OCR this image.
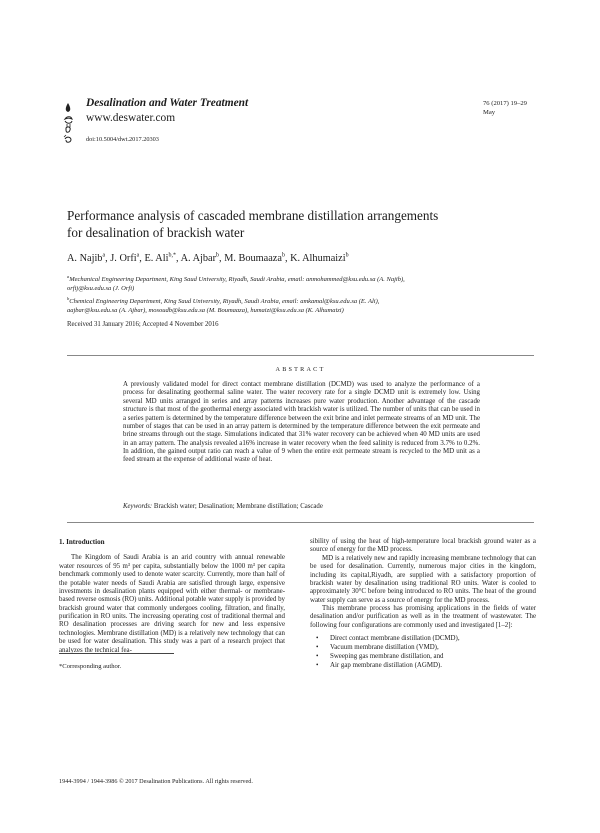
Desalination and Water Treatment
www.deswater.com
doi:10.5004/dwt.2017.20303
76 (2017) 19–29
May
Performance analysis of cascaded membrane distillation arrangements
for desalination of brackish water
A. Najib$^a$, J. Orfi$^a$, E. Ali$^{b,*}$, A. Ajbar$^b$, M. Boumaaza$^b$, K. Alhumaizi$^b$
$^a$Mechanical Engineering Department, King Saud University, Riyadh, Saudi Arabia, email: anmohammed@ksu.edu.sa (A. Najib),
orfij@ksu.edu.sa (J. Orfi)
$^b$Chemical Engineering Department, King Saud University, Riyadh, Saudi Arabia, email: amkamal@ksu.edu.sa (E. Ali),
aajbar@ksu.edu.sa (A. Ajbar), mosoudb@ksu.edu.sa (M. Boumaaza), humaizi@ksu.edu.sa (K. Alhumaizi)
Received 31 January 2016; Accepted 4 November 2016
ABSTRACT
A previously validated model for direct contact membrane distillation (DCMD) was used to analyze the performance of a process for desalinating geothermal saline water. The water recovery rate for a single DCMD unit is extremely low. Using several MD units arranged in series and array patterns increases pure water production. Another advantage of the cascade structure is that most of the geothermal energy associated with brackish water is utilized. The number of units that can be used in a series pattern is determined by the temperature difference between the exit brine and inlet permeate streams of an MD unit. The number of stages that can be used in an array pattern is determined by the temperature difference between the exit permeate and brine streams through out the stage. Simulations indicated that 31% water recovery can be achieved when 40 MD units are used in an array pattern. The analysis revealed a16% increase in water recovery when the feed salinity is reduced from 3.7% to 0.2%. In addition, the gained output ratio can reach a value of 9 when the entire exit permeate stream is recycled to the MD unit as a feed stream at the expense of additional waste of heat.
Keywords: Brackish water; Desalination; Membrane distillation; Cascade
1. Introduction

The Kingdom of Saudi Arabia is an arid country with annual renewable water resources of 95 m³ per capita, substantially below the 1000 m³ per capita benchmark commonly used to denote water scarcity. Currently, more than half of the potable water needs of Saudi Arabia are satisfied through large, expensive investments in desalination plants equipped with either thermal- or membrane-based reverse osmosis (RO) units. Additional potable water supply is provided by brackish ground water that commonly undergoes cooling, filtration, and finally, purification in RO units. The increasing operating cost of traditional thermal and RO desalination processes are driving search for new and less expensive technologies. Membrane distillation (MD) is a relatively new technology that can be used for water desalination. This study was a part of a research project that analyzes the technical fea-

sibility of using the heat of high-temperature local brackish ground water as a source of energy for the MD process.

MD is a relatively new and rapidly increasing membrane technology that can be used for desalination. Currently, numerous major cities in the kingdom, including its capital,Riyadh, are supplied with a satisfactory proportion of brackish water by desalination using traditional RO units. Water is cooled to approximately 30°C before being introduced to RO units. The heat of the ground water supply can serve as a source of energy for the MD process.

This membrane process has promising applications in the fields of water desalination and/or purification as well as in the treatment of wastewater. The following four configurations are commonly used and investigated [1–2]:

• Direct contact membrane distillation (DCMD),
• Vacuum membrane distillation (VMD),
• Sweeping gas membrane distillation, and
• Air gap membrane distillation (AGMD).
*Corresponding author.
1944-3994 / 1944-3986 © 2017 Desalination Publications. All rights reserved.
